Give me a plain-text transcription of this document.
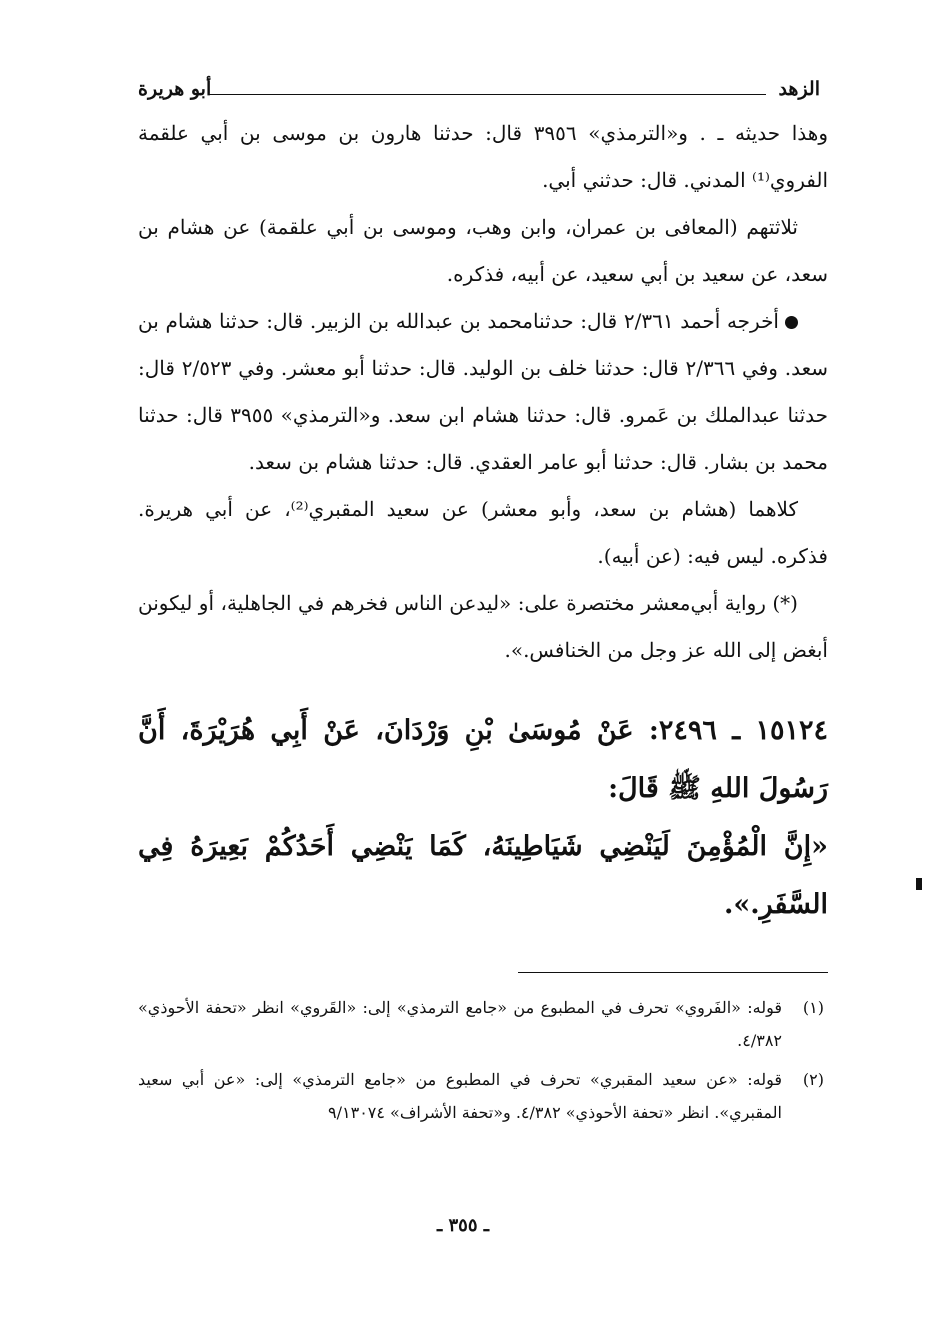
الزهد
أبو هريرة

وهذا حديثه ـ . و«الترمذي» ٣٩٥٦ قال: حدثنا هارون بن موسى بن أبي علقمة الفروي⁽¹⁾ المدني. قال: حدثني أبي.

ثلاثتهم (المعافى بن عمران، وابن وهب، وموسى بن أبي علقمة) عن هشام بن سعد، عن سعيد بن أبي سعيد، عن أبيه، فذكره.

أخرجه أحمد ٢/٣٦١ قال: حدثنامحمد بن عبدالله بن الزبير. قال: حدثنا هشام بن سعد. وفي ٢/٣٦٦ قال: حدثنا خلف بن الوليد. قال: حدثنا أبو معشر. وفي ٢/٥٢٣ قال: حدثنا عبدالملك بن عَمرو. قال: حدثنا هشام ابن سعد. و«الترمذي» ٣٩٥٥ قال: حدثنا محمد بن بشار. قال: حدثنا أبو عامر العقدي. قال: حدثنا هشام بن سعد.

كلاهما (هشام بن سعد، وأبو معشر) عن سعيد المقبري⁽²⁾، عن أبي هريرة. فذكره. ليس فيه: (عن أبيه).

(*) رواية أبي‌معشر مختصرة على: «ليدعن الناس فخرهم في الجاهلية، أو ليكونن أبغض إلى الله عز وجل من الخنافس.».

١٥١٢٤ ـ ٢٤٩٦: عَنْ مُوسَىٰ بْنِ وَرْدَانَ، عَنْ أَبِي هُرَيْرَةَ، أَنَّ رَسُولَ اللهِ ﷺ قَالَ:
«إِنَّ الْمُؤْمِنَ لَيَنْضِي شَيَاطِينَهُ، كَمَا يَنْضِي أَحَدُكُمْ بَعِيرَهُ فِي السَّفَرِ.».
(١)
قوله: «الفَروي» تحرف في المطبوع من «جامع الترمذي» إلى: «القَروي» انظر «تحفة الأحوذي» ٤/٣٨٢.
(٢)
قوله: «عن سعيد المقبري» تحرف في المطبوع من «جامع الترمذي» إلى: «عن أبي سعيد المقبري». انظر «تحفة الأحوذي» ٤/٣٨٢. و«تحفة الأشراف» ٩/١٣٠٧٤
ـ ٣٥٥ ـ
